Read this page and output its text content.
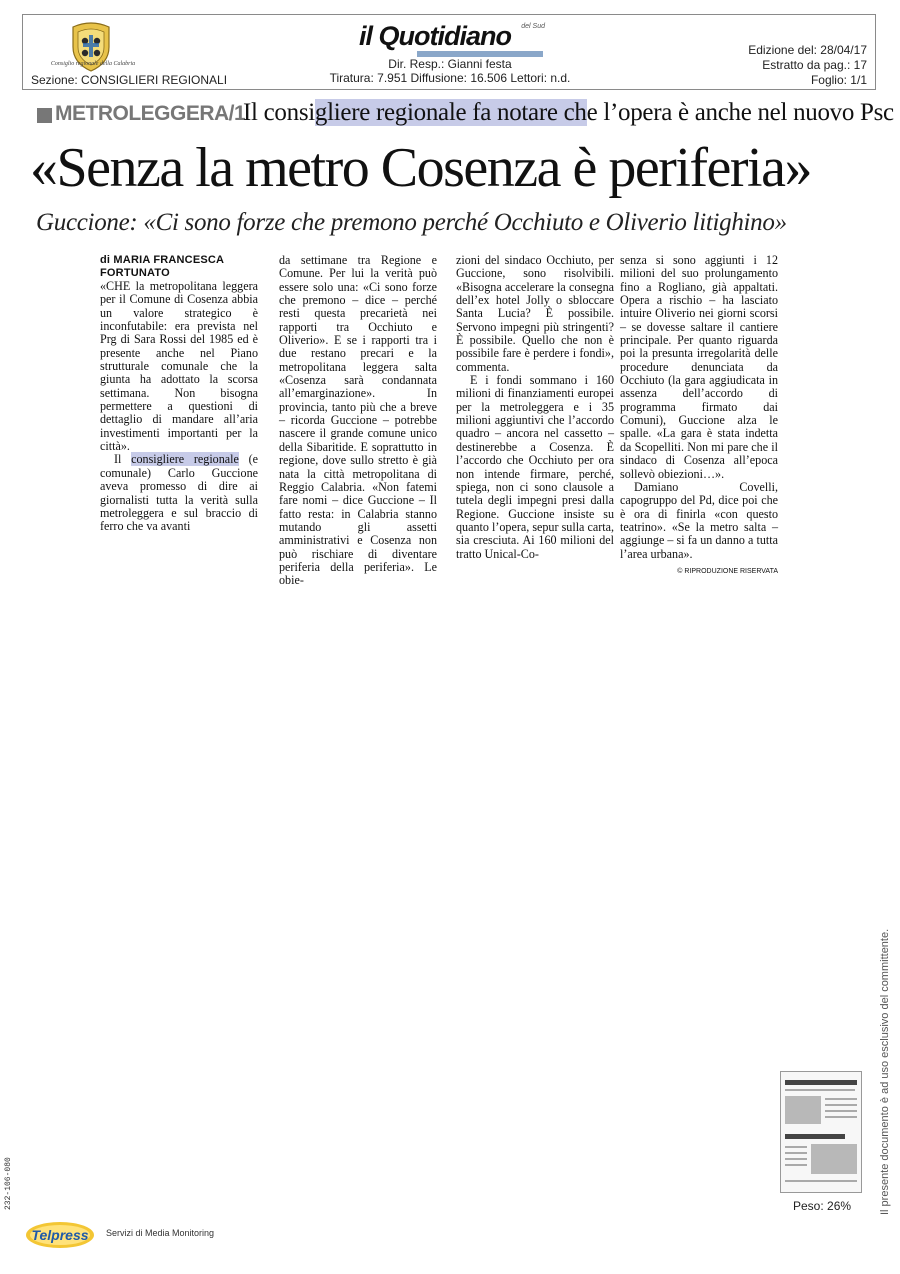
Consiglio regionale della Calabria
Sezione: CONSIGLIERI REGIONALI
il Quotidiano del Sud
Dir. Resp.: Gianni festa
Tiratura: 7.951 Diffusione: 16.506 Lettori: n.d.
Edizione del: 28/04/17
Estratto da pag.: 17
Foglio: 1/1
METROLEGGERA/1
Il consigliere regionale fa notare che l’opera è anche nel nuovo Psc
«Senza la metro Cosenza è periferia»
Guccione: «Ci sono forze che premono perché Occhiuto e Oliverio litighino»
di MARIA FRANCESCA
FORTUNATO

«CHE la metropolitana leggera per il Comune di Cosenza abbia un valore strategico è inconfutabile: era prevista nel Prg di Sara Rossi del 1985 ed è presente anche nel Piano strutturale comunale che la giunta ha adottato la scorsa settimana. Non bisogna permettere a questioni di dettaglio di mandare all’aria investimenti importanti per la città».

Il consigliere regionale (e comunale) Carlo Guccione aveva promesso di dire ai giornalisti tutta la verità sulla metroleggera e sul braccio di ferro che va avanti

da settimane tra Regione e Comune. Per lui la verità può essere solo una: «Ci sono forze che premono – dice – perché resti questa precarietà nei rapporti tra Occhiuto e Oliverio». E se i rapporti tra i due restano precari e la metropolitana leggera salta «Cosenza sarà condannata all’emarginazione». In provincia, tanto più che a breve – ricorda Guccione – potrebbe nascere il grande comune unico della Sibaritide. E soprattutto in regione, dove sullo stretto è già nata la città metropolitana di Reggio Calabria. «Non fatemi fare nomi – dice Guccione – Il fatto resta: in Calabria stanno mutando gli assetti amministrativi e Cosenza non può rischiare di diventare periferia della periferia». Le obie-

zioni del sindaco Occhiuto, per Guccione, sono risolvibili. «Bisogna accelerare la consegna dell’ex hotel Jolly o sbloccare Santa Lucia? È possibile. Servono impegni più stringenti? È possibile. Quello che non è possibile fare è perdere i fondi», commenta.

E i fondi sommano i 160 milioni di finanziamenti europei per la metroleggera e i 35 milioni aggiuntivi che l’accordo quadro – ancora nel cassetto – destinerebbe a Cosenza. È l’accordo che Occhiuto per ora non intende firmare, perché, spiega, non ci sono clausole a tutela degli impegni presi dalla Regione. Guccione insiste su quanto l’opera, sepur sulla carta, sia cresciuta. Ai 160 milioni del tratto Unical-Co-

senza si sono aggiunti i 12 milioni del suo prolungamento fino a Rogliano, già appaltati. Opera a rischio – ha lasciato intuire Oliverio nei giorni scorsi – se dovesse saltare il cantiere principale. Per quanto riguarda poi la presunta irregolarità delle procedure denunciata da Occhiuto (la gara aggiudicata in assenza dell’accordo di programma firmato dai Comuni), Guccione alza le spalle. «La gara è stata indetta da Scopelliti. Non mi pare che il sindaco di Cosenza all’epoca sollevò obiezioni…».

Damiano Covelli, capogruppo del Pd, dice poi che è ora di finirla «con questo teatrino». «Se la metro salta – aggiunge – si fa un danno a tutta l’area urbana».

© RIPRODUZIONE RISERVATA
Peso: 26%	Il presente documento è ad uso esclusivo del committente.
232-106-080
Telpress	Servizi di Media Monitoring
